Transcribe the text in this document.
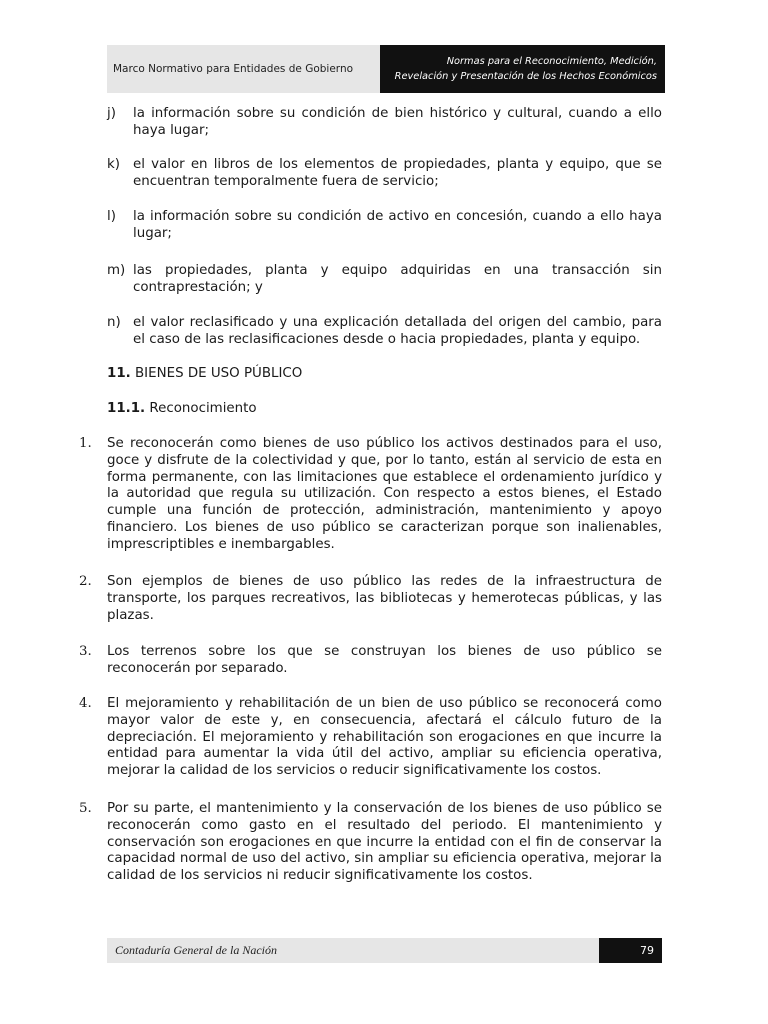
Marco Normativo para Entidades de Gobierno
Normas para el Reconocimiento, Medición,
Revelación y Presentación de los Hechos Económicos
j) la información sobre su condición de bien histórico y cultural, cuando a ello haya lugar;
k) el valor en libros de los elementos de propiedades, planta y equipo, que se encuentran temporalmente fuera de servicio;
l) la información sobre su condición de activo en concesión, cuando a ello haya lugar;
m) las propiedades, planta y equipo adquiridas en una transacción sin contraprestación; y
n) el valor reclasificado y una explicación detallada del origen del cambio, para el caso de las reclasificaciones desde o hacia propiedades, planta y equipo.
11. BIENES DE USO PÚBLICO
11.1. Reconocimiento
1. Se reconocerán como bienes de uso público los activos destinados para el uso, goce y disfrute de la colectividad y que, por lo tanto, están al servicio de esta en forma permanente, con las limitaciones que establece el ordenamiento jurídico y la autoridad que regula su utilización. Con respecto a estos bienes, el Estado cumple una función de protección, administración, mantenimiento y apoyo financiero. Los bienes de uso público se caracterizan porque son inalienables, imprescriptibles e inembargables.
2. Son ejemplos de bienes de uso público las redes de la infraestructura de transporte, los parques recreativos, las bibliotecas y hemerotecas públicas, y las plazas.
3. Los terrenos sobre los que se construyan los bienes de uso público se reconocerán por separado.
4. El mejoramiento y rehabilitación de un bien de uso público se reconocerá como mayor valor de este y, en consecuencia, afectará el cálculo futuro de la depreciación. El mejoramiento y rehabilitación son erogaciones en que incurre la entidad para aumentar la vida útil del activo, ampliar su eficiencia operativa, mejorar la calidad de los servicios o reducir significativamente los costos.
5. Por su parte, el mantenimiento y la conservación de los bienes de uso público se reconocerán como gasto en el resultado del periodo. El mantenimiento y conservación son erogaciones en que incurre la entidad con el fin de conservar la capacidad normal de uso del activo, sin ampliar su eficiencia operativa, mejorar la calidad de los servicios ni reducir significativamente los costos.
Contaduría General de la Nación	79
